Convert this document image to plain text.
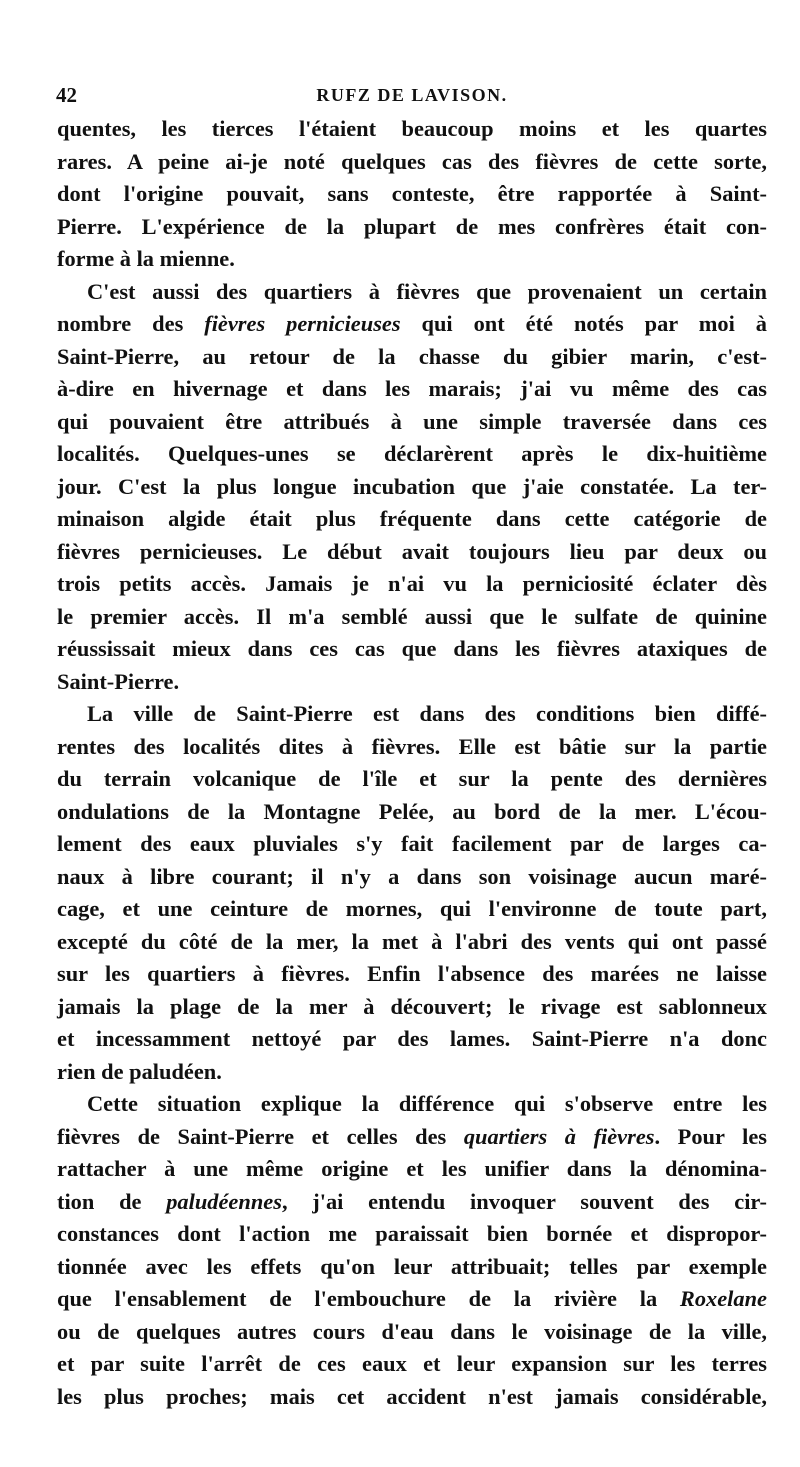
42	RUFZ DE LAVISON.
quentes, les tierces l'étaient beaucoup moins et les quartes
rares. A peine ai-je noté quelques cas des fièvres de cette sorte,
dont l'origine pouvait, sans conteste, être rapportée à Saint-
Pierre. L'expérience de la plupart de mes confrères était con-
forme à la mienne.
C'est aussi des quartiers à fièvres que provenaient un certain
nombre des fièvres pernicieuses qui ont été notés par moi à
Saint-Pierre, au retour de la chasse du gibier marin, c'est-
à-dire en hivernage et dans les marais; j'ai vu même des cas
qui pouvaient être attribués à une simple traversée dans ces
localités. Quelques-unes se déclarèrent après le dix-huitième
jour. C'est la plus longue incubation que j'aie constatée. La ter-
minaison algide était plus fréquente dans cette catégorie de
fièvres pernicieuses. Le début avait toujours lieu par deux ou
trois petits accès. Jamais je n'ai vu la perniciosité éclater dès
le premier accès. Il m'a semblé aussi que le sulfate de quinine
réussissait mieux dans ces cas que dans les fièvres ataxiques de
Saint-Pierre.
La ville de Saint-Pierre est dans des conditions bien diffé-
rentes des localités dites à fièvres. Elle est bâtie sur la partie
du terrain volcanique de l'île et sur la pente des dernières
ondulations de la Montagne Pelée, au bord de la mer. L'écou-
lement des eaux pluviales s'y fait facilement par de larges ca-
naux à libre courant; il n'y a dans son voisinage aucun maré-
cage, et une ceinture de mornes, qui l'environne de toute part,
excepté du côté de la mer, la met à l'abri des vents qui ont passé
sur les quartiers à fièvres. Enfin l'absence des marées ne laisse
jamais la plage de la mer à découvert; le rivage est sablonneux
et incessamment nettoyé par des lames. Saint-Pierre n'a donc
rien de paludéen.
Cette situation explique la différence qui s'observe entre les
fièvres de Saint-Pierre et celles des quartiers à fièvres. Pour les
rattacher à une même origine et les unifier dans la dénomina-
tion de paludéennes, j'ai entendu invoquer souvent des cir-
constances dont l'action me paraissait bien bornée et dispropor-
tionnée avec les effets qu'on leur attribuait; telles par exemple
que l'ensablement de l'embouchure de la rivière la Roxelane
ou de quelques autres cours d'eau dans le voisinage de la ville,
et par suite l'arrêt de ces eaux et leur expansion sur les terres
les plus proches; mais cet accident n'est jamais considérable,
